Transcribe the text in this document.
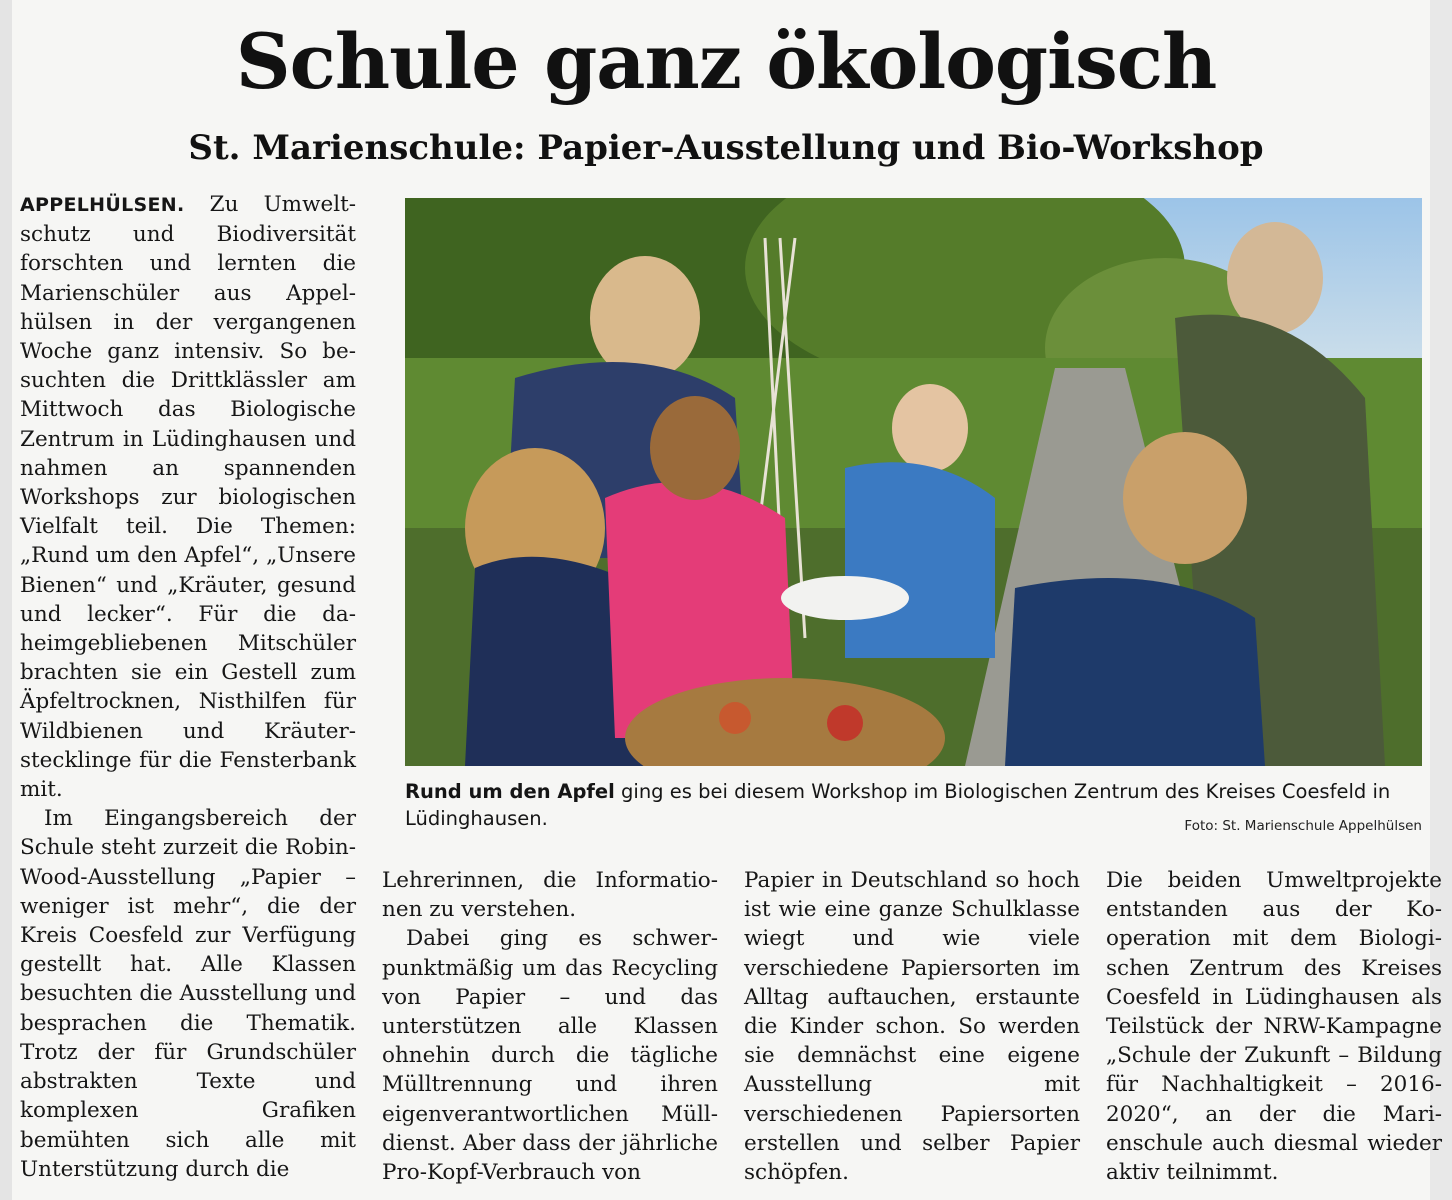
Schule ganz ökologisch
St. Marienschule: Papier-Ausstellung und Bio-Workshop

APPELHÜLSEN. Zu Umweltschutz und Biodiversität forschten und lernten die Marienschüler aus Appelhülsen in der vergangenen Woche ganz intensiv. So besuchten die Drittklässler am Mittwoch das Biologische Zentrum in Lüdinghausen und nahmen an spannenden Workshops zur biologischen Vielfalt teil. Die Themen: „Rund um den Apfel“, „Unsere Bienen“ und „Kräuter, gesund und lecker“. Für die daheimgebliebenen Mitschüler brachten sie ein Gestell zum Äpfeltrocknen, Nisthilfen für Wildbienen und Kräuterstecklinge für die Fensterbank mit.

Im Eingangsbereich der Schule steht zurzeit die Robin-Wood-Ausstellung „Papier – weniger ist mehr“, die der Kreis Coesfeld zur Verfügung gestellt hat. Alle Klassen besuchten die Ausstellung und besprachen die Thematik. Trotz der für Grundschüler abstrakten Texte und komplexen Grafiken bemühten sich alle mit Unterstützung durch die

Rund um den Apfel ging es bei diesem Workshop im Biologischen Zentrum des Kreises Coesfeld in Lüdinghausen.	Foto: St. Marienschule Appelhülsen

Lehrerinnen, die Informationen zu verstehen.

Dabei ging es schwerpunktmäßig um das Recycling von Papier – und das unterstützen alle Klassen ohnehin durch die tägliche Mülltrennung und ihren eigenverantwortlichen Mülldienst. Aber dass der jährliche Pro-Kopf-Verbrauch von

Papier in Deutschland so hoch ist wie eine ganze Schulklasse wiegt und wie viele verschiedene Papiersorten im Alltag auftauchen, erstaunte die Kinder schon. So werden sie demnächst eine eigene Ausstellung mit verschiedenen Papiersorten erstellen und selber Papier schöpfen.

Die beiden Umweltprojekte entstanden aus der Kooperation mit dem Biologischen Zentrum des Kreises Coesfeld in Lüdinghausen als Teilstück der NRW-Kampagne „Schule der Zukunft – Bildung für Nachhaltigkeit – 2016-2020“, an der die Marienschule auch diesmal wieder aktiv teilnimmt.
